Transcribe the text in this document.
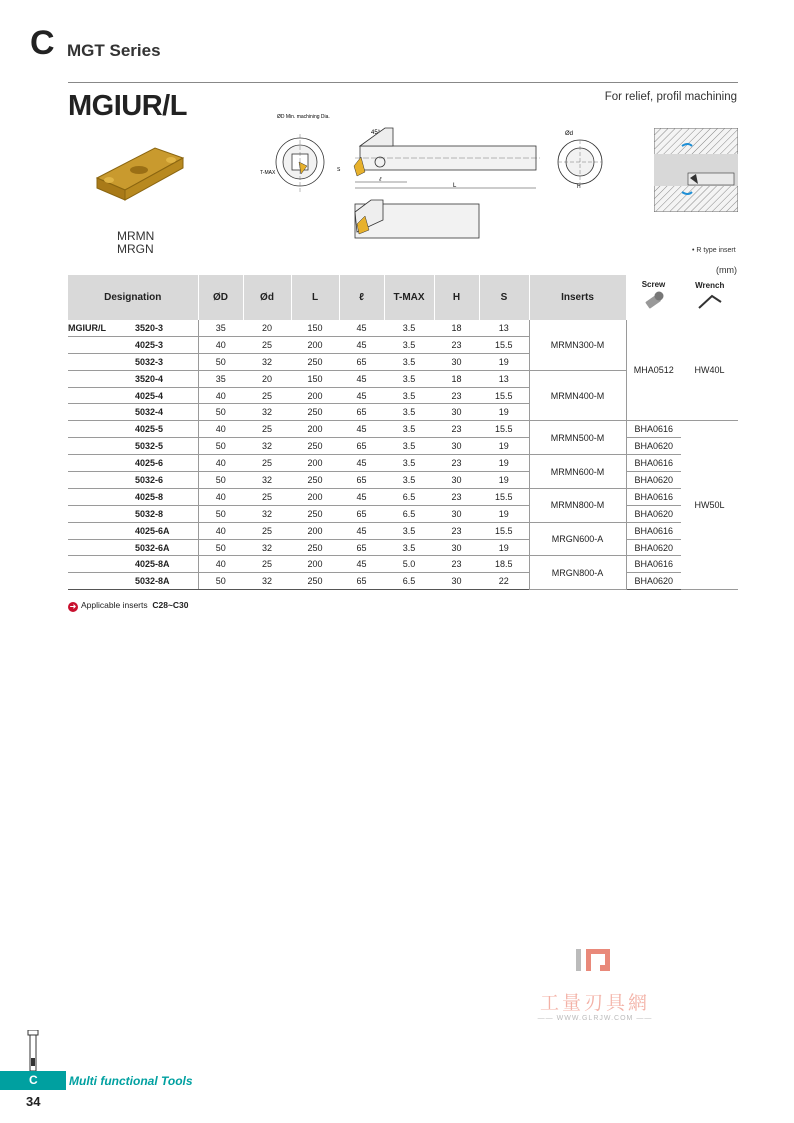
C MGT Series
MGIUR/L	For relief, profil machining
MRMN
MRGN
ØD Min. machining Dia.
T-MAX
45°
S
ℓ
L
Ød
H
• R type insert
(mm)
Designation	ØD	Ød	L	ℓ	T-MAX	H	S	Inserts	Screw	Wrench

MGIUR/L 3520-3	35	20	150	45	3.5	18	13	MRMN300-M	MHA0512	HW40L
4025-3	40	25	200	45	3.5	23	15.5			
5032-3	50	32	250	65	3.5	30	19			
3520-4	35	20	150	45	3.5	18	13	MRMN400-M		
4025-4	40	25	200	45	3.5	23	15.5			
5032-4	50	32	250	65	3.5	30	19			
4025-5	40	25	200	45	3.5	23	15.5	MRMN500-M	BHA0616	HW50L
5032-5	50	32	250	65	3.5	30	19		BHA0620	
4025-6	40	25	200	45	3.5	23	19	MRMN600-M	BHA0616	
5032-6	50	32	250	65	3.5	30	19		BHA0620	
4025-8	40	25	200	45	6.5	23	15.5	MRMN800-M	BHA0616	
5032-8	50	32	250	65	6.5	30	19		BHA0620	
4025-6A	40	25	200	45	3.5	23	15.5	MRGN600-A	BHA0616	
5032-6A	50	32	250	65	3.5	30	19		BHA0620	
4025-8A	40	25	200	45	5.0	23	18.5	MRGN800-A	BHA0616	
5032-8A	50	32	250	65	6.5	30	22		BHA0620	
➜ Applicable inserts C28~C30
工量刃具網
—— WWW.GLRJW.COM ——
C	Multi functional Tools
34
